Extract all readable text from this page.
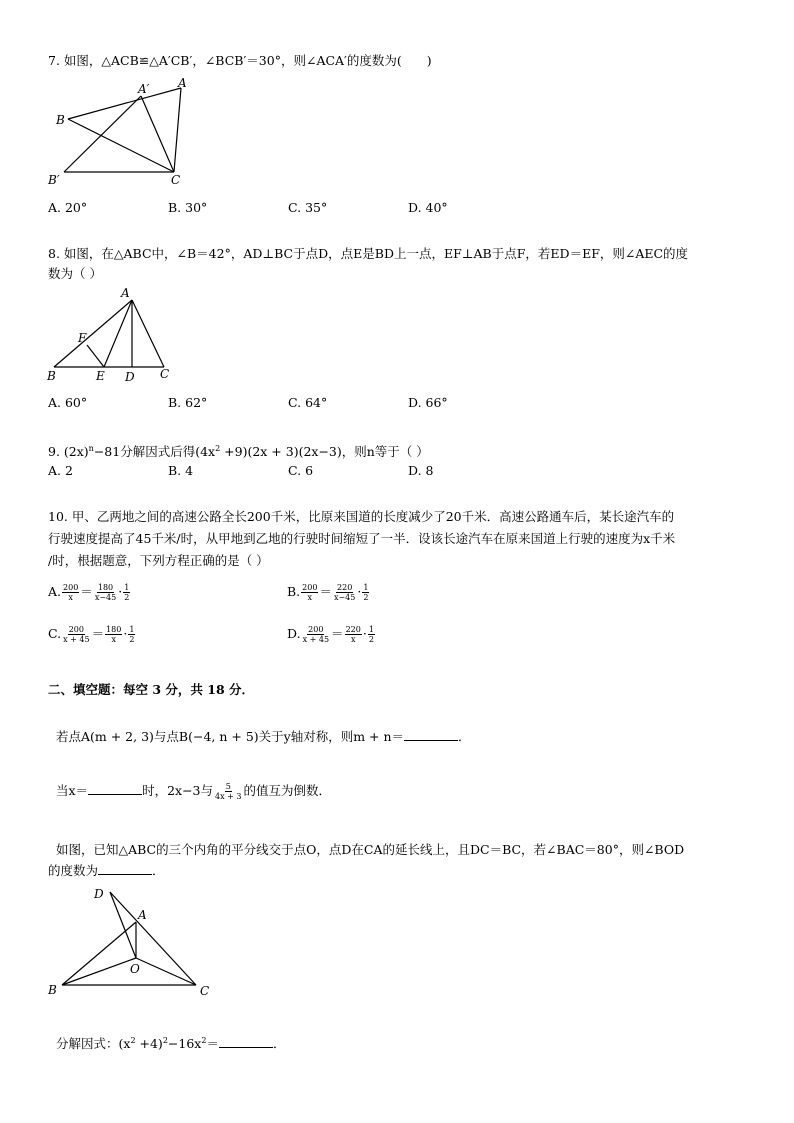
7. 如图，△ACB≌△A′CB′，∠BCB′＝30°，则∠ACA′的度数为(　　)
A′ A
B
B′	C
A. 20°	B. 30°	C. 35°	D. 40°
8. 如图，在△ABC中，∠B＝42°，AD⊥BC于点D，点E是BD上一点，EF⊥AB于点F，若ED＝EF，则∠AEC的度
数为（ ）
A
F
B	E D C
A. 60°	B. 62°	C. 64°	D. 66°
9. $(2x)^n-81$分解因式后得$(4x^2 +9)(2x + 3)(2x-3)$，则n等于（ ）
A. 2	B. 4	C. 6	D. 8
10. 甲、乙两地之间的高速公路全长200千米，比原来国道的长度减少了20千米．高速公路通车后，某长途汽车的
行驶速度提高了45千米/时，从甲地到乙地的行驶时间缩短了一半．设该长途汽车在原来国道上行驶的速度为x千米
/时，根据题意，下列方程正确的是（ ）
A. $\frac{200}{x} = \frac{180}{x-45} \cdot \frac{1}{2}$	B. $\frac{200}{x} = \frac{220}{x-45} \cdot \frac{1}{2}$
C. $\frac{200}{x + 45} = \frac{180}{x} \cdot \frac{1}{2}$	D. $\frac{200}{x + 45} = \frac{220}{x} \cdot \frac{1}{2}$
二、填空题：每空 3 分，共 18 分．
若点A(m + 2, 3)与点B(−4, n + 5)关于y轴对称，则m + n＝	．
当x＝	时，2x−3与 $\frac{5}{4x + 3}$ 的值互为倒数．
如图，已知△ABC的三个内角的平分线交于点O，点D在CA的延长线上，且DC＝BC，若∠BAC＝80°，则∠BOD
的度数为	．
D
A
O
B	C
分解因式：$(x^2 +4)^2-16x^2=$	．
